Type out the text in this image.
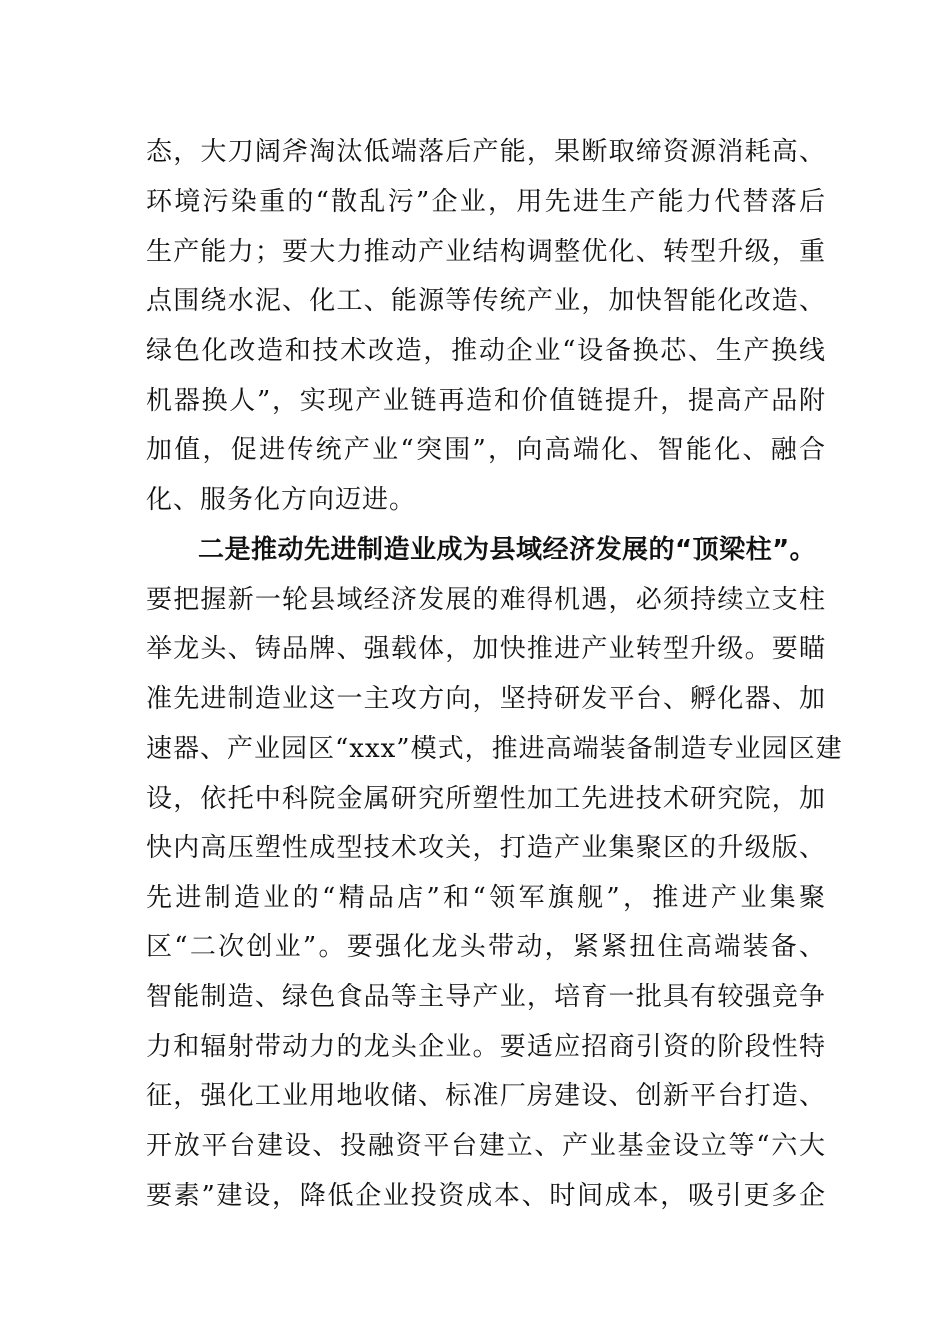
态，大刀阔斧淘汰低端落后产能，果断取缔资源消耗高、
环境污染重的“散乱污”企业，用先进生产能力代替落后
生产能力；要大力推动产业结构调整优化、转型升级，重
点围绕水泥、化工、能源等传统产业，加快智能化改造、
绿色化改造和技术改造，推动企业“设备换芯、生产换线
机器换人”，实现产业链再造和价值链提升，提高产品附
加值，促进传统产业“突围”，向高端化、智能化、融合
化、服务化方向迈进。
二是推动先进制造业成为县域经济发展的“顶梁柱”。
要把握新一轮县域经济发展的难得机遇，必须持续立支柱
举龙头、铸品牌、强载体，加快推进产业转型升级。要瞄
准先进制造业这一主攻方向，坚持研发平台、孵化器、加
速器、产业园区“xxx”模式，推进高端装备制造专业园区建
设，依托中科院金属研究所塑性加工先进技术研究院，加
快内高压塑性成型技术攻关，打造产业集聚区的升级版、
先进制造业的“精品店”和“领军旗舰”，推进产业集聚
区“二次创业”。要强化龙头带动，紧紧扭住高端装备、
智能制造、绿色食品等主导产业，培育一批具有较强竞争
力和辐射带动力的龙头企业。要适应招商引资的阶段性特
征，强化工业用地收储、标准厂房建设、创新平台打造、
开放平台建设、投融资平台建立、产业基金设立等“六大
要素”建设，降低企业投资成本、时间成本，吸引更多企
